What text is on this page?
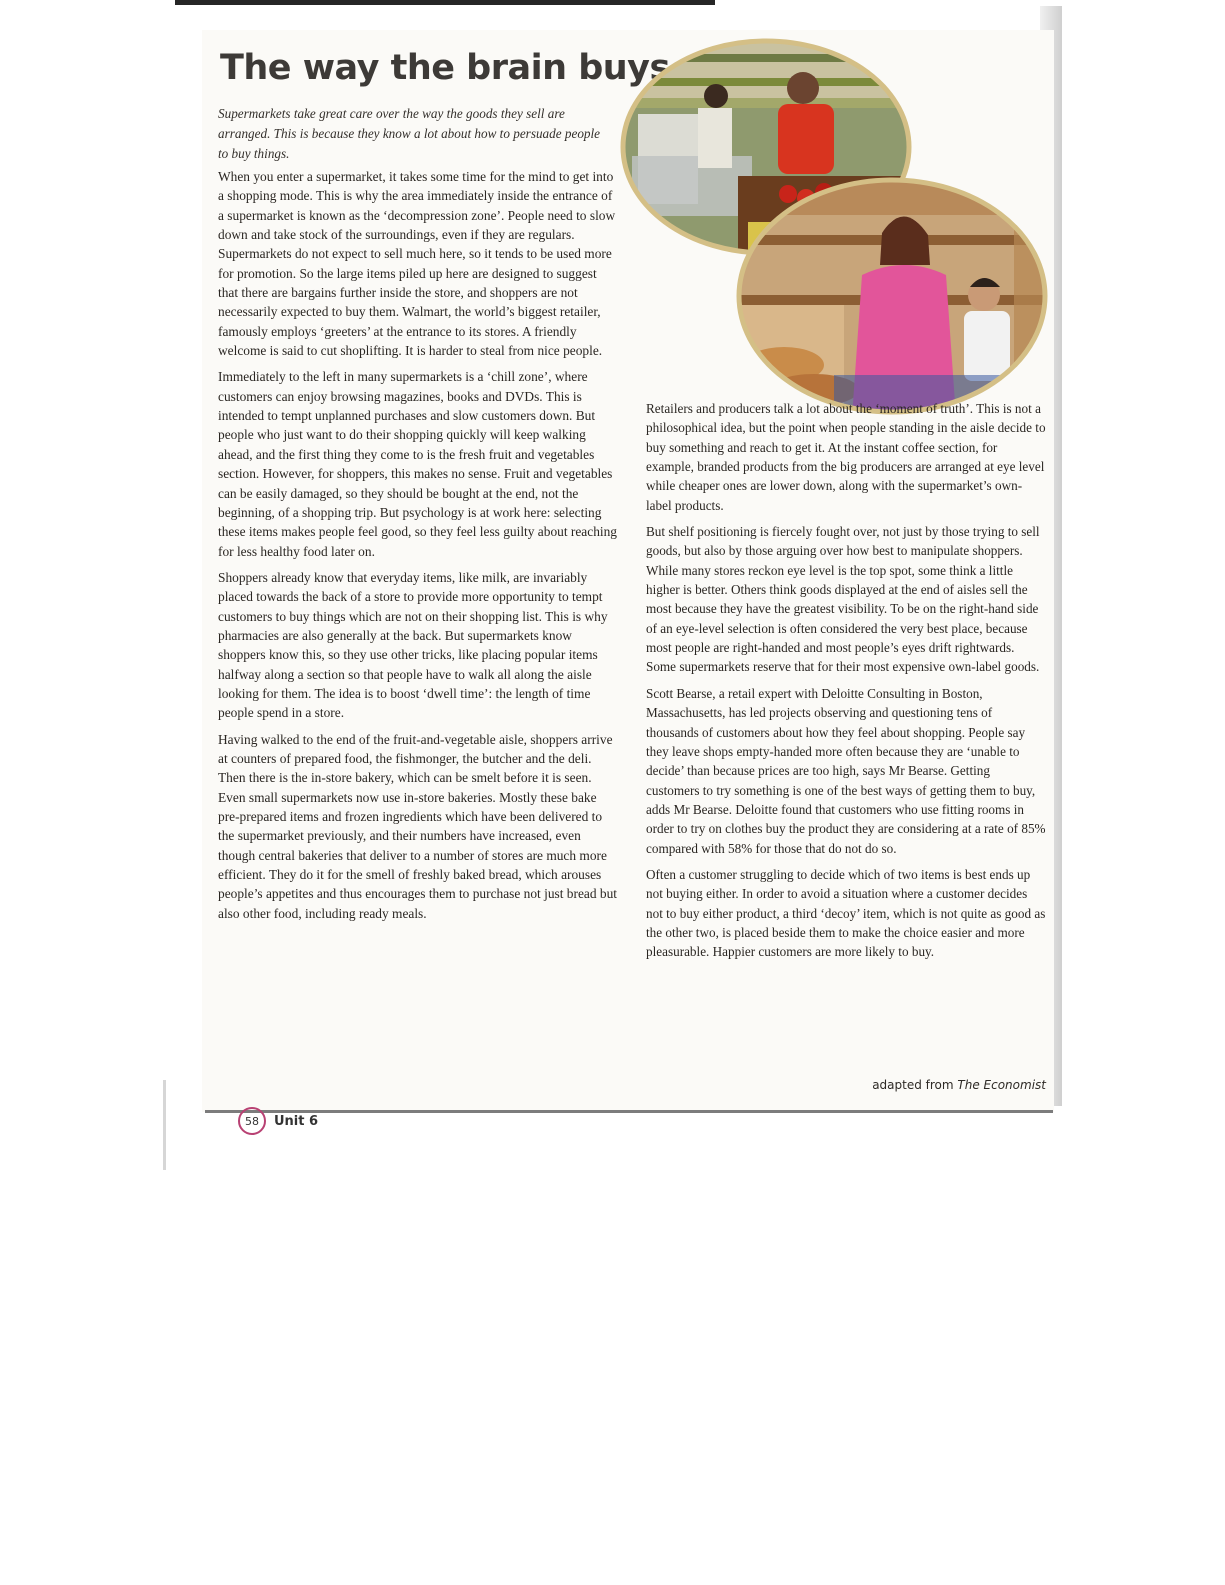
The way the brain buys

Supermarkets take great care over the way the goods they sell are arranged. This is because they know a lot about how to persuade people to buy things.

When you enter a supermarket, it takes some time for the mind to get into a shopping mode. This is why the area immediately inside the entrance of a supermarket is known as the ‘decompression zone’. People need to slow down and take stock of the surroundings, even if they are regulars. Supermarkets do not expect to sell much here, so it tends to be used more for promotion. So the large items piled up here are designed to suggest that there are bargains further inside the store, and shoppers are not necessarily expected to buy them. Walmart, the world’s biggest retailer, famously employs ‘greeters’ at the entrance to its stores. A friendly welcome is said to cut shoplifting. It is harder to steal from nice people.

Immediately to the left in many supermarkets is a ‘chill zone’, where customers can enjoy browsing magazines, books and DVDs. This is intended to tempt unplanned purchases and slow customers down. But people who just want to do their shopping quickly will keep walking ahead, and the first thing they come to is the fresh fruit and vegetables section. However, for shoppers, this makes no sense. Fruit and vegetables can be easily damaged, so they should be bought at the end, not the beginning, of a shopping trip. But psychology is at work here: selecting these items makes people feel good, so they feel less guilty about reaching for less healthy food later on.

Shoppers already know that everyday items, like milk, are invariably placed towards the back of a store to provide more opportunity to tempt customers to buy things which are not on their shopping list. This is why pharmacies are also generally at the back. But supermarkets know shoppers know this, so they use other tricks, like placing popular items halfway along a section so that people have to walk all along the aisle looking for them. The idea is to boost ‘dwell time’: the length of time people spend in a store.

Having walked to the end of the fruit-and-vegetable aisle, shoppers arrive at counters of prepared food, the fishmonger, the butcher and the deli. Then there is the in-store bakery, which can be smelt before it is seen. Even small supermarkets now use in-store bakeries. Mostly these bake pre-prepared items and frozen ingredients which have been delivered to the supermarket previously, and their numbers have increased, even though central bakeries that deliver to a number of stores are much more efficient. They do it for the smell of freshly baked bread, which arouses people’s appetites and thus encourages them to purchase not just bread but also other food, including ready meals.

Retailers and producers talk a lot about the ‘moment of truth’. This is not a philosophical idea, but the point when people standing in the aisle decide to buy something and reach to get it. At the instant coffee section, for example, branded products from the big producers are arranged at eye level while cheaper ones are lower down, along with the supermarket’s own-label products.

But shelf positioning is fiercely fought over, not just by those trying to sell goods, but also by those arguing over how best to manipulate shoppers. While many stores reckon eye level is the top spot, some think a little higher is better. Others think goods displayed at the end of aisles sell the most because they have the greatest visibility. To be on the right-hand side of an eye-level selection is often considered the very best place, because most people are right-handed and most people’s eyes drift rightwards. Some supermarkets reserve that for their most expensive own-label goods.

Scott Bearse, a retail expert with Deloitte Consulting in Boston, Massachusetts, has led projects observing and questioning tens of thousands of customers about how they feel about shopping. People say they leave shops empty-handed more often because they are ‘unable to decide’ than because prices are too high, says Mr Bearse. Getting customers to try something is one of the best ways of getting them to buy, adds Mr Bearse. Deloitte found that customers who use fitting rooms in order to try on clothes buy the product they are considering at a rate of 85% compared with 58% for those that do not do so.

Often a customer struggling to decide which of two items is best ends up not buying either. In order to avoid a situation where a customer decides not to buy either product, a third ‘decoy’ item, which is not quite as good as the other two, is placed beside them to make the choice easier and more pleasurable. Happier customers are more likely to buy.

adapted from The Economist

58	Unit 6
